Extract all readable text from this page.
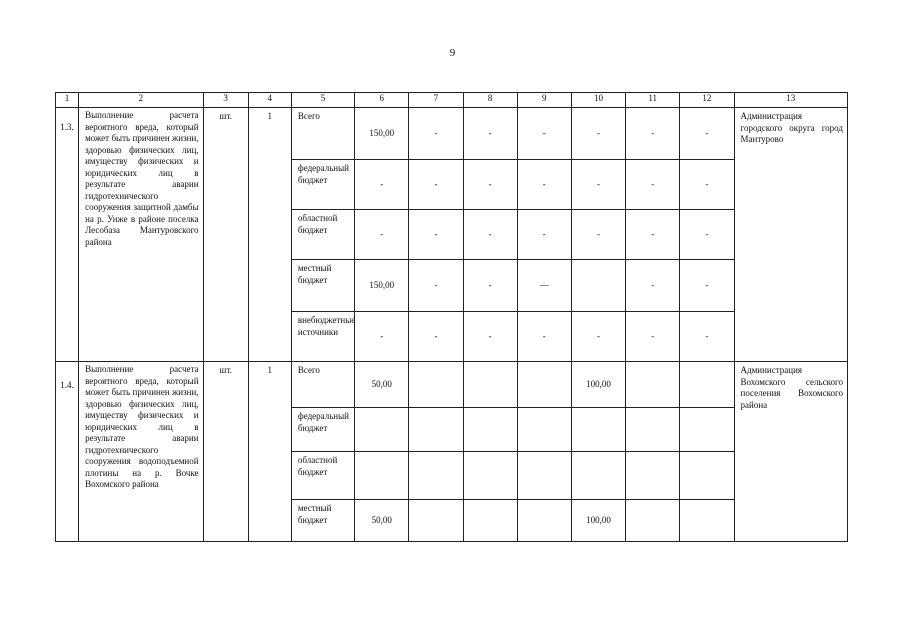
9
1	2	3	4	5	6	7	8	9	10	11	12	13
1.3.	Выполнение расчета вероятного вреда, который может быть причинен жизни, здоровью физических лиц, имуществу физических и юридических лиц в результате аварии гидротехнического сооружения защитной дамбы на р. Унже в районе поселка Лесобаза Мантуровского района	шт.	1	Всего	150,00	-	-	-	-	-	-	Администрация городского округа город Мантурово
				федеральный бюджет	-	-	-	-	-	-	-	
				областной бюджет	-	-	-	-	-	-	-	
				местный бюджет	150,00	-	-	—		-	-	
				внебюджетные источники	-	-	-	-	-	-	-	
1.4.	Выполнение расчета вероятного вреда, который может быть причинен жизни, здоровью физических лиц, имуществу физических и юридических лиц в результате аварии гидротехнического сооружения водоподъемной плотины на р. Вочке Вохомского района	шт.	1	Всего	50,00				100,00			Администрация Вохомского сельского поселения Вохомского района
				федеральный бюджет								
				областной бюджет								
				местный бюджет	50,00				100,00			
